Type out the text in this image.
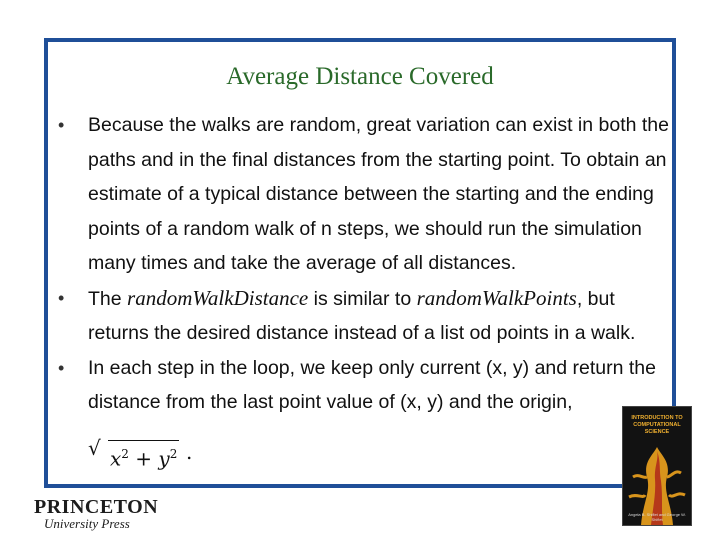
Average Distance Covered
• Because the walks are random, great variation can exist in both the paths and in the final distances from the starting point. To obtain an estimate of a typical distance between the starting and the ending points of a random walk of n steps, we should run the simulation many times and take the average of all distances.
• The randomWalkDistance is similar to randomWalkPoints, but returns the desired distance instead of a list od points in a walk.
• In each step in the loop, we keep only current (x, y) and return the distance from the last point value of (x, y) and the origin,
√ $x^2 + y^2$ .
INTRODUCTION TO COMPUTATIONAL SCIENCE
Angela B. Shiflet and George W. Shiflet
PRINCETON
University Press
